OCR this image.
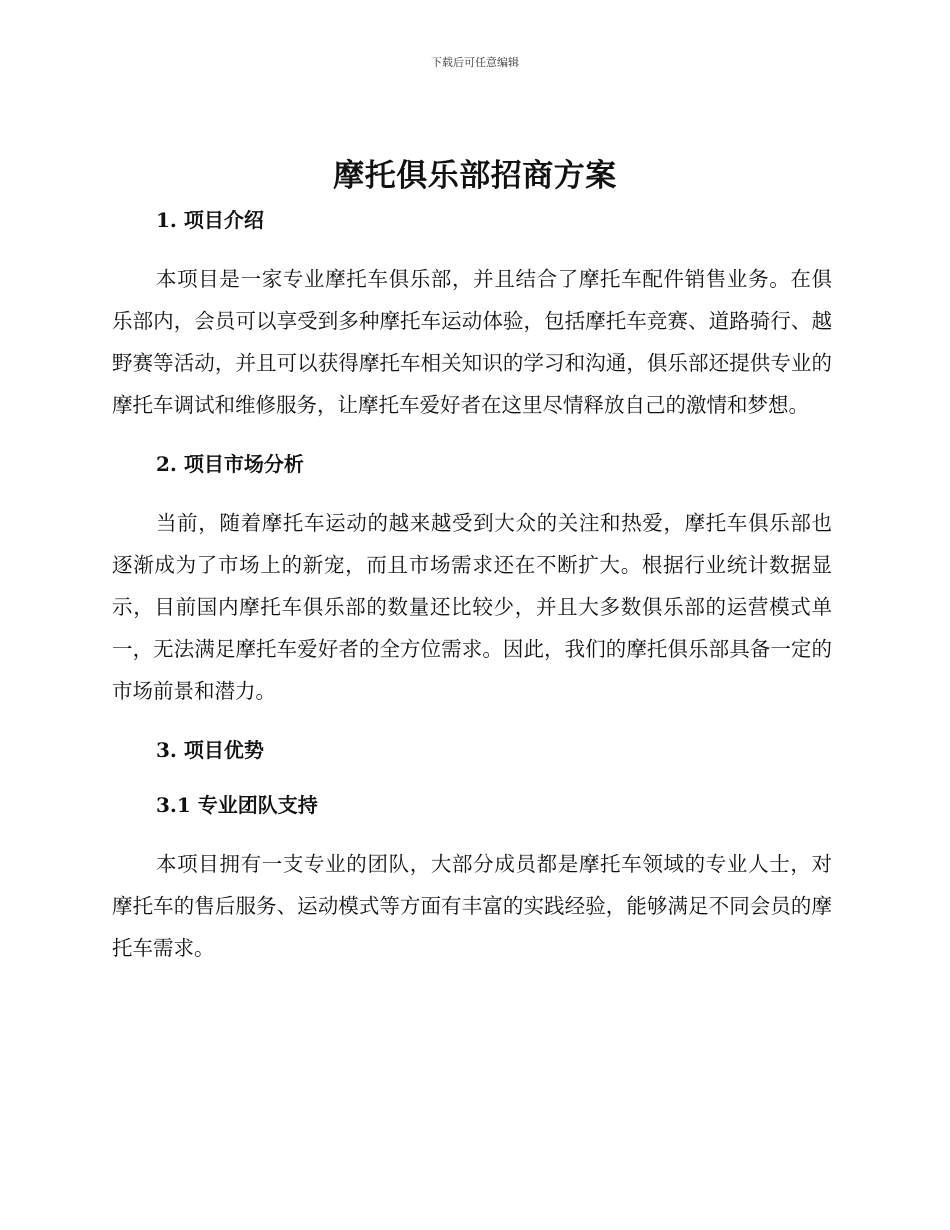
下载后可任意编辑
摩托俱乐部招商方案
1. 项目介绍

本项目是一家专业摩托车俱乐部，并且结合了摩托车配件销售业务。在俱乐部内，会员可以享受到多种摩托车运动体验，包括摩托车竞赛、道路骑行、越野赛等活动，并且可以获得摩托车相关知识的学习和沟通，俱乐部还提供专业的摩托车调试和维修服务，让摩托车爱好者在这里尽情释放自己的激情和梦想。

2. 项目市场分析

当前，随着摩托车运动的越来越受到大众的关注和热爱，摩托车俱乐部也逐渐成为了市场上的新宠，而且市场需求还在不断扩大。根据行业统计数据显示，目前国内摩托车俱乐部的数量还比较少，并且大多数俱乐部的运营模式单一，无法满足摩托车爱好者的全方位需求。因此，我们的摩托俱乐部具备一定的市场前景和潜力。

3. 项目优势
3.1 专业团队支持

本项目拥有一支专业的团队，大部分成员都是摩托车领域的专业人士，对摩托车的售后服务、运动模式等方面有丰富的实践经验，能够满足不同会员的摩托车需求。
